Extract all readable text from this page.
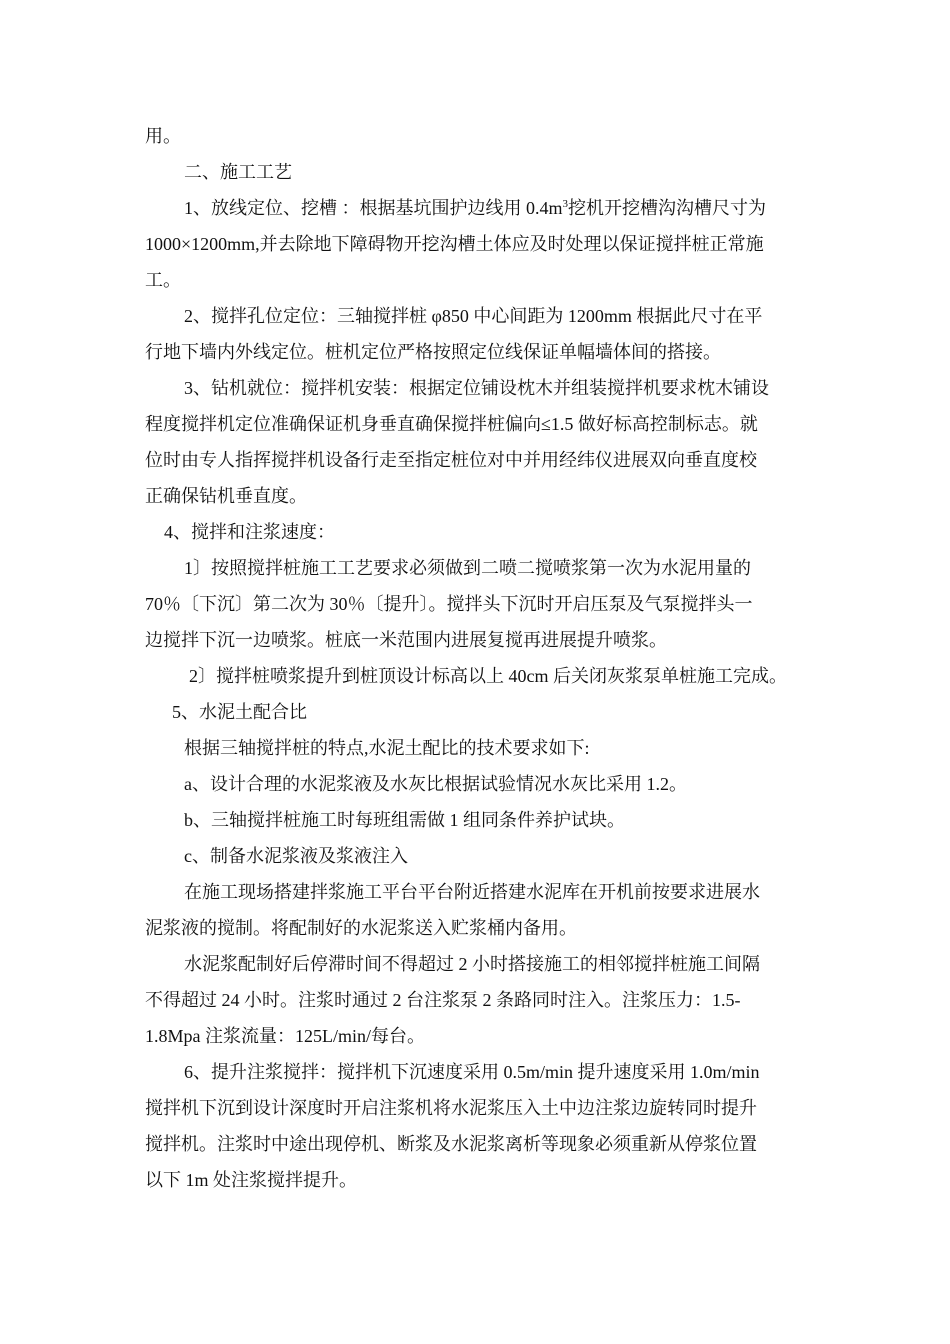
用。
二、施工工艺
1、放线定位、挖槽 ：根据基坑围护边线用 $0.4m^3$挖机开挖槽沟沟槽尺寸为
1000×1200mm,并去除地下障碍物开挖沟槽土体应及时处理以保证搅拌桩正常施
工。
2、搅拌孔位定位：三轴搅拌桩 φ850 中心间距为 1200mm 根据此尺寸在平
行地下墙内外线定位。桩机定位严格按照定位线保证单幅墙体间的搭接。
3、钻机就位：搅拌机安装：根据定位铺设枕木并组装搅拌机要求枕木铺设
程度搅拌机定位准确保证机身垂直确保搅拌桩偏向≤1.5 做好标高控制标志。就
位时由专人指挥搅拌机设备行走至指定桩位对中并用经纬仪进展双向垂直度校
正确保钻机垂直度。
4、搅拌和注浆速度：
1〕按照搅拌桩施工工艺要求必须做到二喷二搅喷浆第一次为水泥用量的
70％〔下沉〕第二次为 30％〔提升〕。搅拌头下沉时开启压泵及气泵搅拌头一
边搅拌下沉一边喷浆。桩底一米范围内进展复搅再进展提升喷浆。
2〕搅拌桩喷浆提升到桩顶设计标高以上 40cm 后关闭灰浆泵单桩施工完成。
5、水泥土配合比
根据三轴搅拌桩的特点,水泥土配比的技术要求如下:
a、设计合理的水泥浆液及水灰比根据试验情况水灰比采用 1.2。
b、三轴搅拌桩施工时每班组需做 1 组同条件养护试块。
c、制备水泥浆液及浆液注入
在施工现场搭建拌浆施工平台平台附近搭建水泥库在开机前按要求进展水
泥浆液的搅制。将配制好的水泥浆送入贮浆桶内备用。
水泥浆配制好后停滞时间不得超过 2 小时搭接施工的相邻搅拌桩施工间隔
不得超过 24 小时。注浆时通过 2 台注浆泵 2 条路同时注入。注浆压力：1.5-
1.8Mpa 注浆流量：125L/min/每台。
6、提升注浆搅拌：搅拌机下沉速度采用 0.5m/min 提升速度采用 1.0m/min
搅拌机下沉到设计深度时开启注浆机将水泥浆压入土中边注浆边旋转同时提升
搅拌机。注浆时中途出现停机、断浆及水泥浆离析等现象必须重新从停浆位置
以下 1m 处注浆搅拌提升。
